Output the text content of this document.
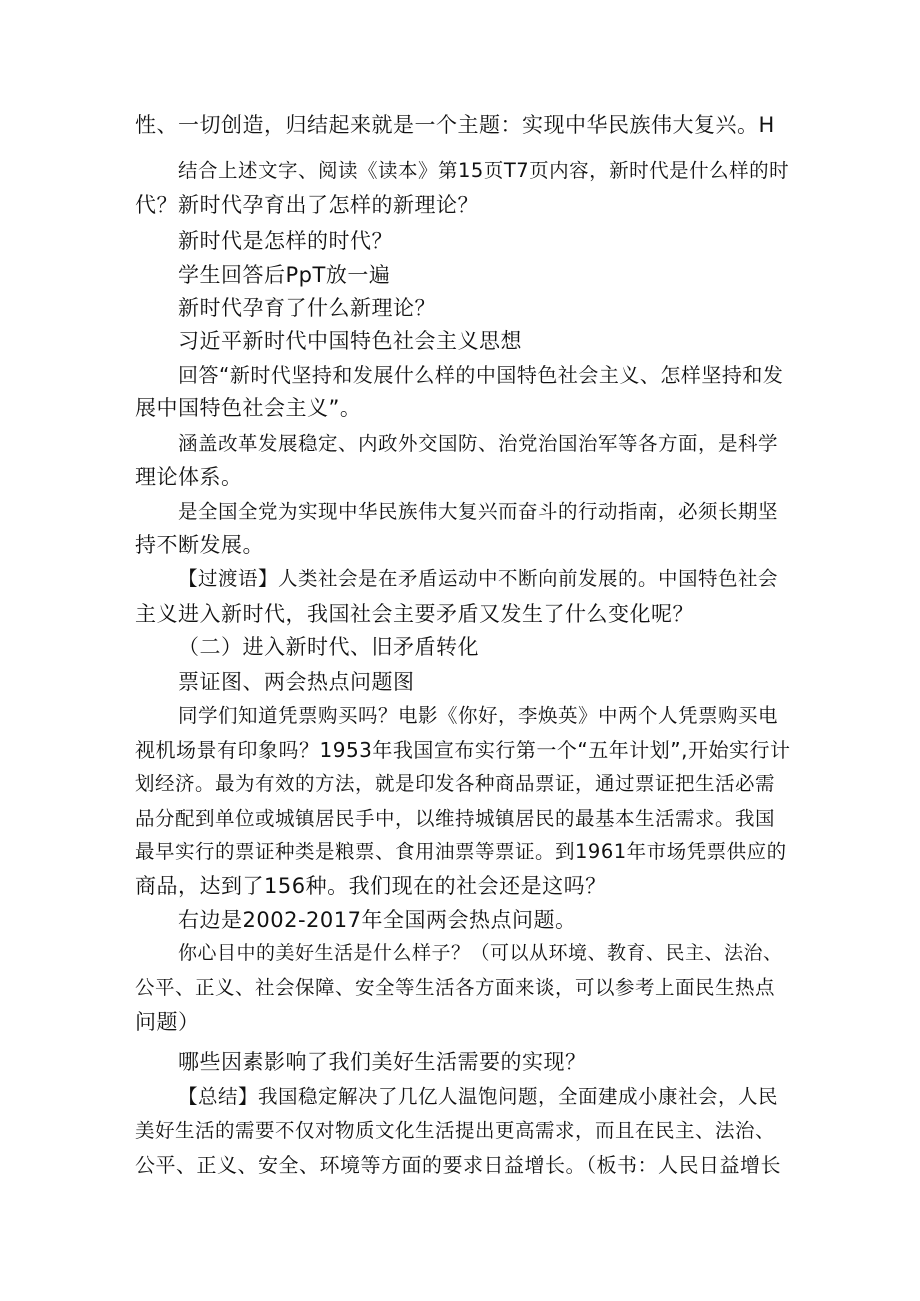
性、一切创造，归结起来就是一个主题：实现中华民族伟大复兴。H
结合上述文字、阅读《读本》第15页T7页内容，新时代是什么样的时
代？新时代孕育出了怎样的新理论？
新时代是怎样的时代？
学生回答后PpT放一遍
新时代孕育了什么新理论？
习近平新时代中国特色社会主义思想
回答“新时代坚持和发展什么样的中国特色社会主义、怎样坚持和发
展中国特色社会主义”。
涵盖改革发展稳定、内政外交国防、治党治国治军等各方面，是科学
理论体系。
是全国全党为实现中华民族伟大复兴而奋斗的行动指南，必须长期坚
持不断发展。
【过渡语】人类社会是在矛盾运动中不断向前发展的。中国特色社会
主义进入新时代，我国社会主要矛盾又发生了什么变化呢？
（二）进入新时代、旧矛盾转化
票证图、两会热点问题图
同学们知道凭票购买吗？电影《你好，李焕英》中两个人凭票购买电
视机场景有印象吗？1953年我国宣布实行第一个“五年计划”,开始实行计
划经济。最为有效的方法，就是印发各种商品票证，通过票证把生活必需
品分配到单位或城镇居民手中，以维持城镇居民的最基本生活需求。我国
最早实行的票证种类是粮票、食用油票等票证。到1961年市场凭票供应的
商品，达到了156种。我们现在的社会还是这吗？
右边是2002-2017年全国两会热点问题。
你心目中的美好生活是什么样子？（可以从环境、教育、民主、法治、
公平、正义、社会保障、安全等生活各方面来谈，可以参考上面民生热点
问题）
哪些因素影响了我们美好生活需要的实现？
【总结】我国稳定解决了几亿人温饱问题，全面建成小康社会，人民
美好生活的需要不仅对物质文化生活提出更高需求，而且在民主、法治、
公平、正义、安全、环境等方面的要求日益增长。（板书：人民日益增长
